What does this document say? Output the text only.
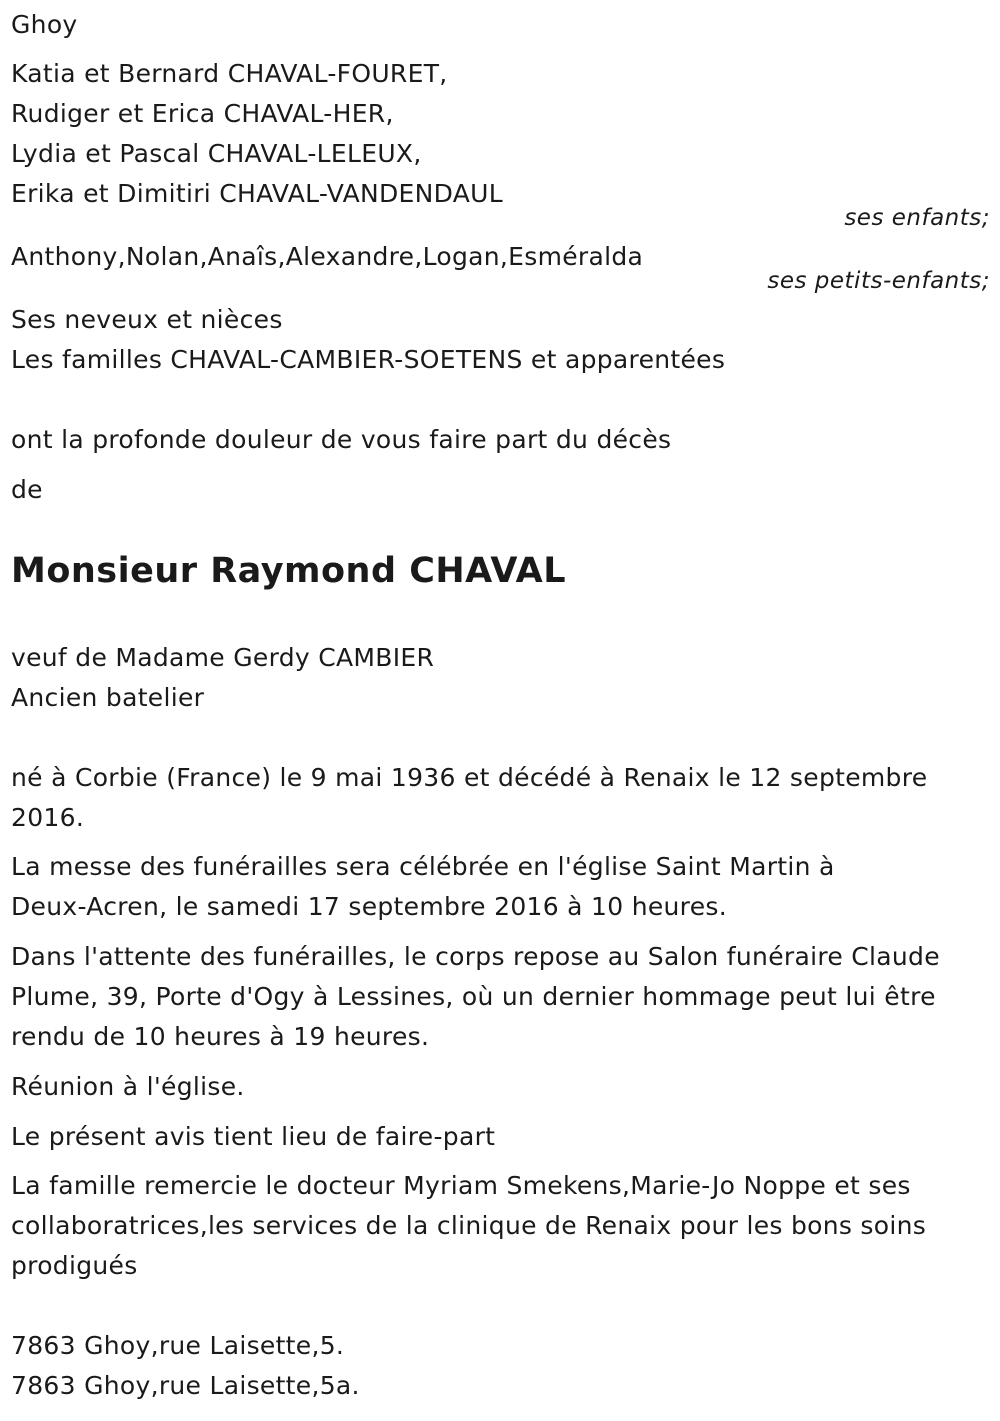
Ghoy
Katia et Bernard CHAVAL-FOURET,
Rudiger et Erica CHAVAL-HER,
Lydia et Pascal CHAVAL-LELEUX,
Erika et Dimitiri CHAVAL-VANDENDAUL
ses enfants;
Anthony,Nolan,Anaîs,Alexandre,Logan,Esméralda
ses petits-enfants;
Ses neveux et nièces
Les familles CHAVAL-CAMBIER-SOETENS et apparentées
ont la profonde douleur de vous faire part du décès
de
Monsieur Raymond CHAVAL
veuf de Madame Gerdy CAMBIER
Ancien batelier
né à Corbie (France) le 9 mai 1936 et décédé à Renaix le 12 septembre
2016.
La messe des funérailles sera célébrée en l'église Saint Martin à
Deux-Acren, le samedi 17 septembre 2016 à 10 heures.
Dans l'attente des funérailles, le corps repose au Salon funéraire Claude
Plume, 39, Porte d'Ogy à Lessines, où un dernier hommage peut lui être
rendu de 10 heures à 19 heures.
Réunion à l'église.
Le présent avis tient lieu de faire-part
La famille remercie le docteur Myriam Smekens,Marie-Jo Noppe et ses
collaboratrices,les services de la clinique de Renaix pour les bons soins
prodigués
7863 Ghoy,rue Laisette,5.
7863 Ghoy,rue Laisette,5a.
